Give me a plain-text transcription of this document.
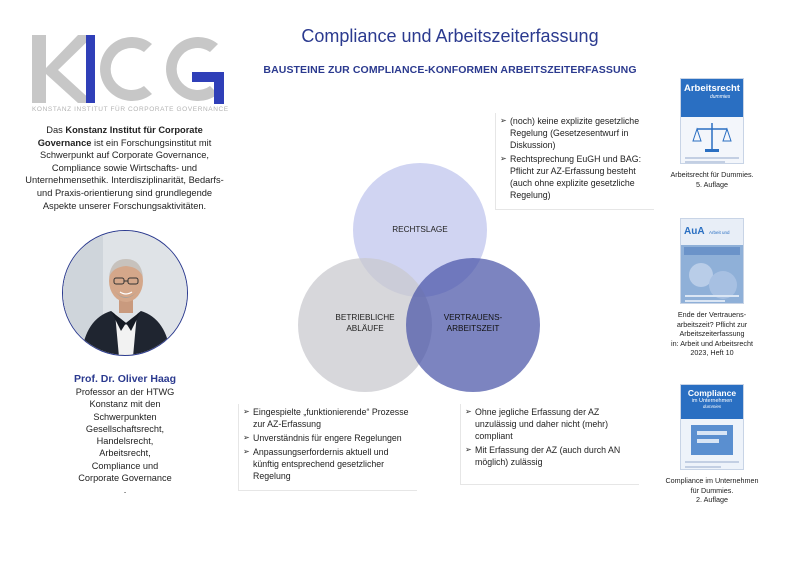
KONSTANZ INSTITUT FÜR CORPORATE GOVERNANCE
Das Konstanz Institut für Corporate Governance ist ein Forschungsinstitut mit Schwerpunkt auf Corporate Governance, Compliance sowie Wirtschafts- und Unternehmensethik. Interdisziplinarität, Bedarfs- und Praxis-orientierung sind grundlegende Aspekte unserer Forschungsaktivitäten.
Prof. Dr. Oliver Haag
Professor an der HTWG
Konstanz mit den
Schwerpunkten
Gesellschaftsrecht,
Handelsrecht,
Arbeitsrecht,
Compliance und
Corporate Governance
.
Compliance und Arbeitszeiterfassung
BAUSTEINE ZUR COMPLIANCE-KONFORMEN ARBEITSZEITERFASSUNG
RECHTSLAGE
BETRIEBLICHE
ABLÄUFE
VERTRAUENS-
ARBEITSZEIT
➢ (noch) keine explizite gesetzliche Regelung (Gesetzesentwurf in Diskussion)
➢ Rechtsprechung EuGH und BAG: Pflicht zur AZ-Erfassung besteht (auch ohne explizite gesetzliche Regelung)
➢ Eingespielte „funktionierende“ Prozesse zur AZ-Erfassung
➢ Unverständnis für engere Regelungen
➢ Anpassungserfordernis aktuell und künftig entsprechend gesetzlicher Regelung
➢ Ohne jegliche Erfassung der AZ unzulässig und daher nicht (mehr) compliant
➢ Mit Erfassung der AZ (auch durch AN möglich) zulässig
Arbeitsrecht
dummies
Arbeitsrecht für Dummies.
5. Auflage
AuA Arbeit und
Ende der Vertrauens-
arbeitszeit? Pflicht zur
Arbeitszeiterfassung
in: Arbeit und Arbeitsrecht
2023, Heft 10
Compliance
im Unternehmen
dummies
Compliance im Unternehmen
für Dummies.
2. Auflage
